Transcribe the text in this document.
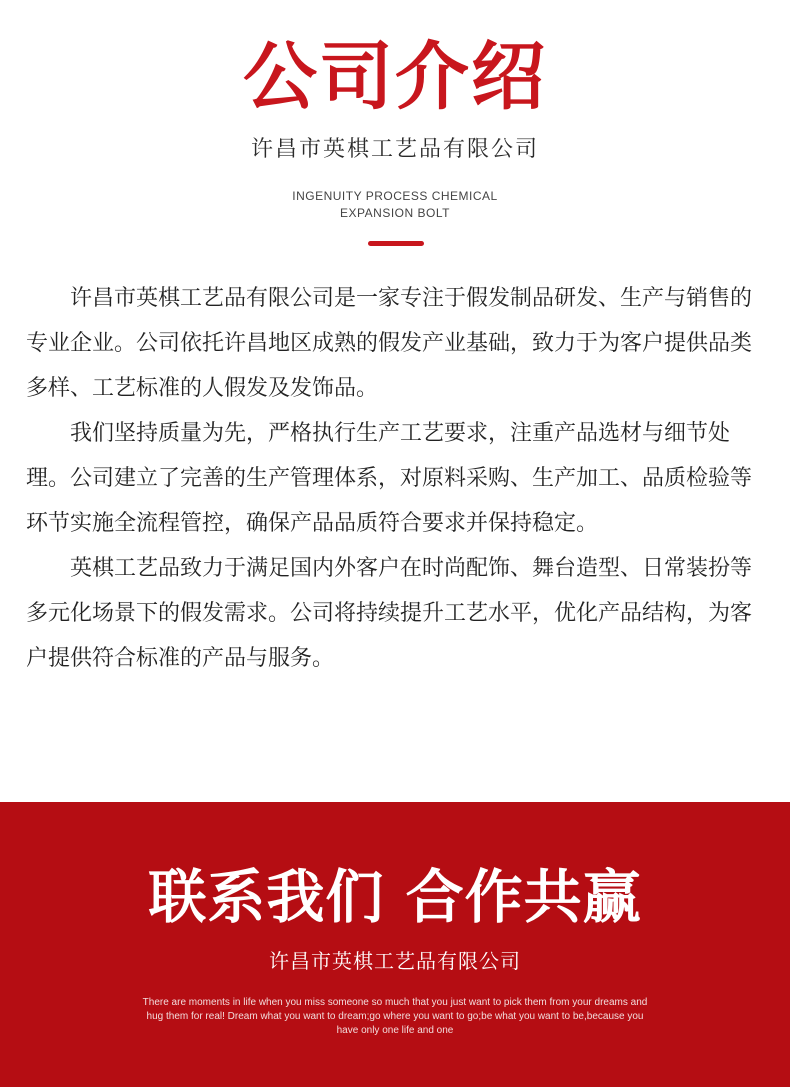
公司介绍
许昌市英棋工艺品有限公司
INGENUITY PROCESS CHEMICAL
EXPANSION BOLT

许昌市英棋工艺品有限公司是一家专注于假发制品研发、生产与销售的专业企业。公司依托许昌地区成熟的假发产业基础，致力于为客户提供品类多样、工艺标准的人假发及发饰品。

我们坚持质量为先，严格执行生产工艺要求，注重产品选材与细节处理。公司建立了完善的生产管理体系，对原料采购、生产加工、品质检验等环节实施全流程管控，确保产品品质符合要求并保持稳定。

英棋工艺品致力于满足国内外客户在时尚配饰、舞台造型、日常装扮等多元化场景下的假发需求。公司将持续提升工艺水平，优化产品结构，为客户提供符合标准的产品与服务。

联系我们 合作共赢
许昌市英棋工艺品有限公司
There are moments in life when you miss someone so much that you just want to pick them from your dreams and hug them for real! Dream what you want to dream;go where you want to go;be what you want to be,because you have only one life and one
